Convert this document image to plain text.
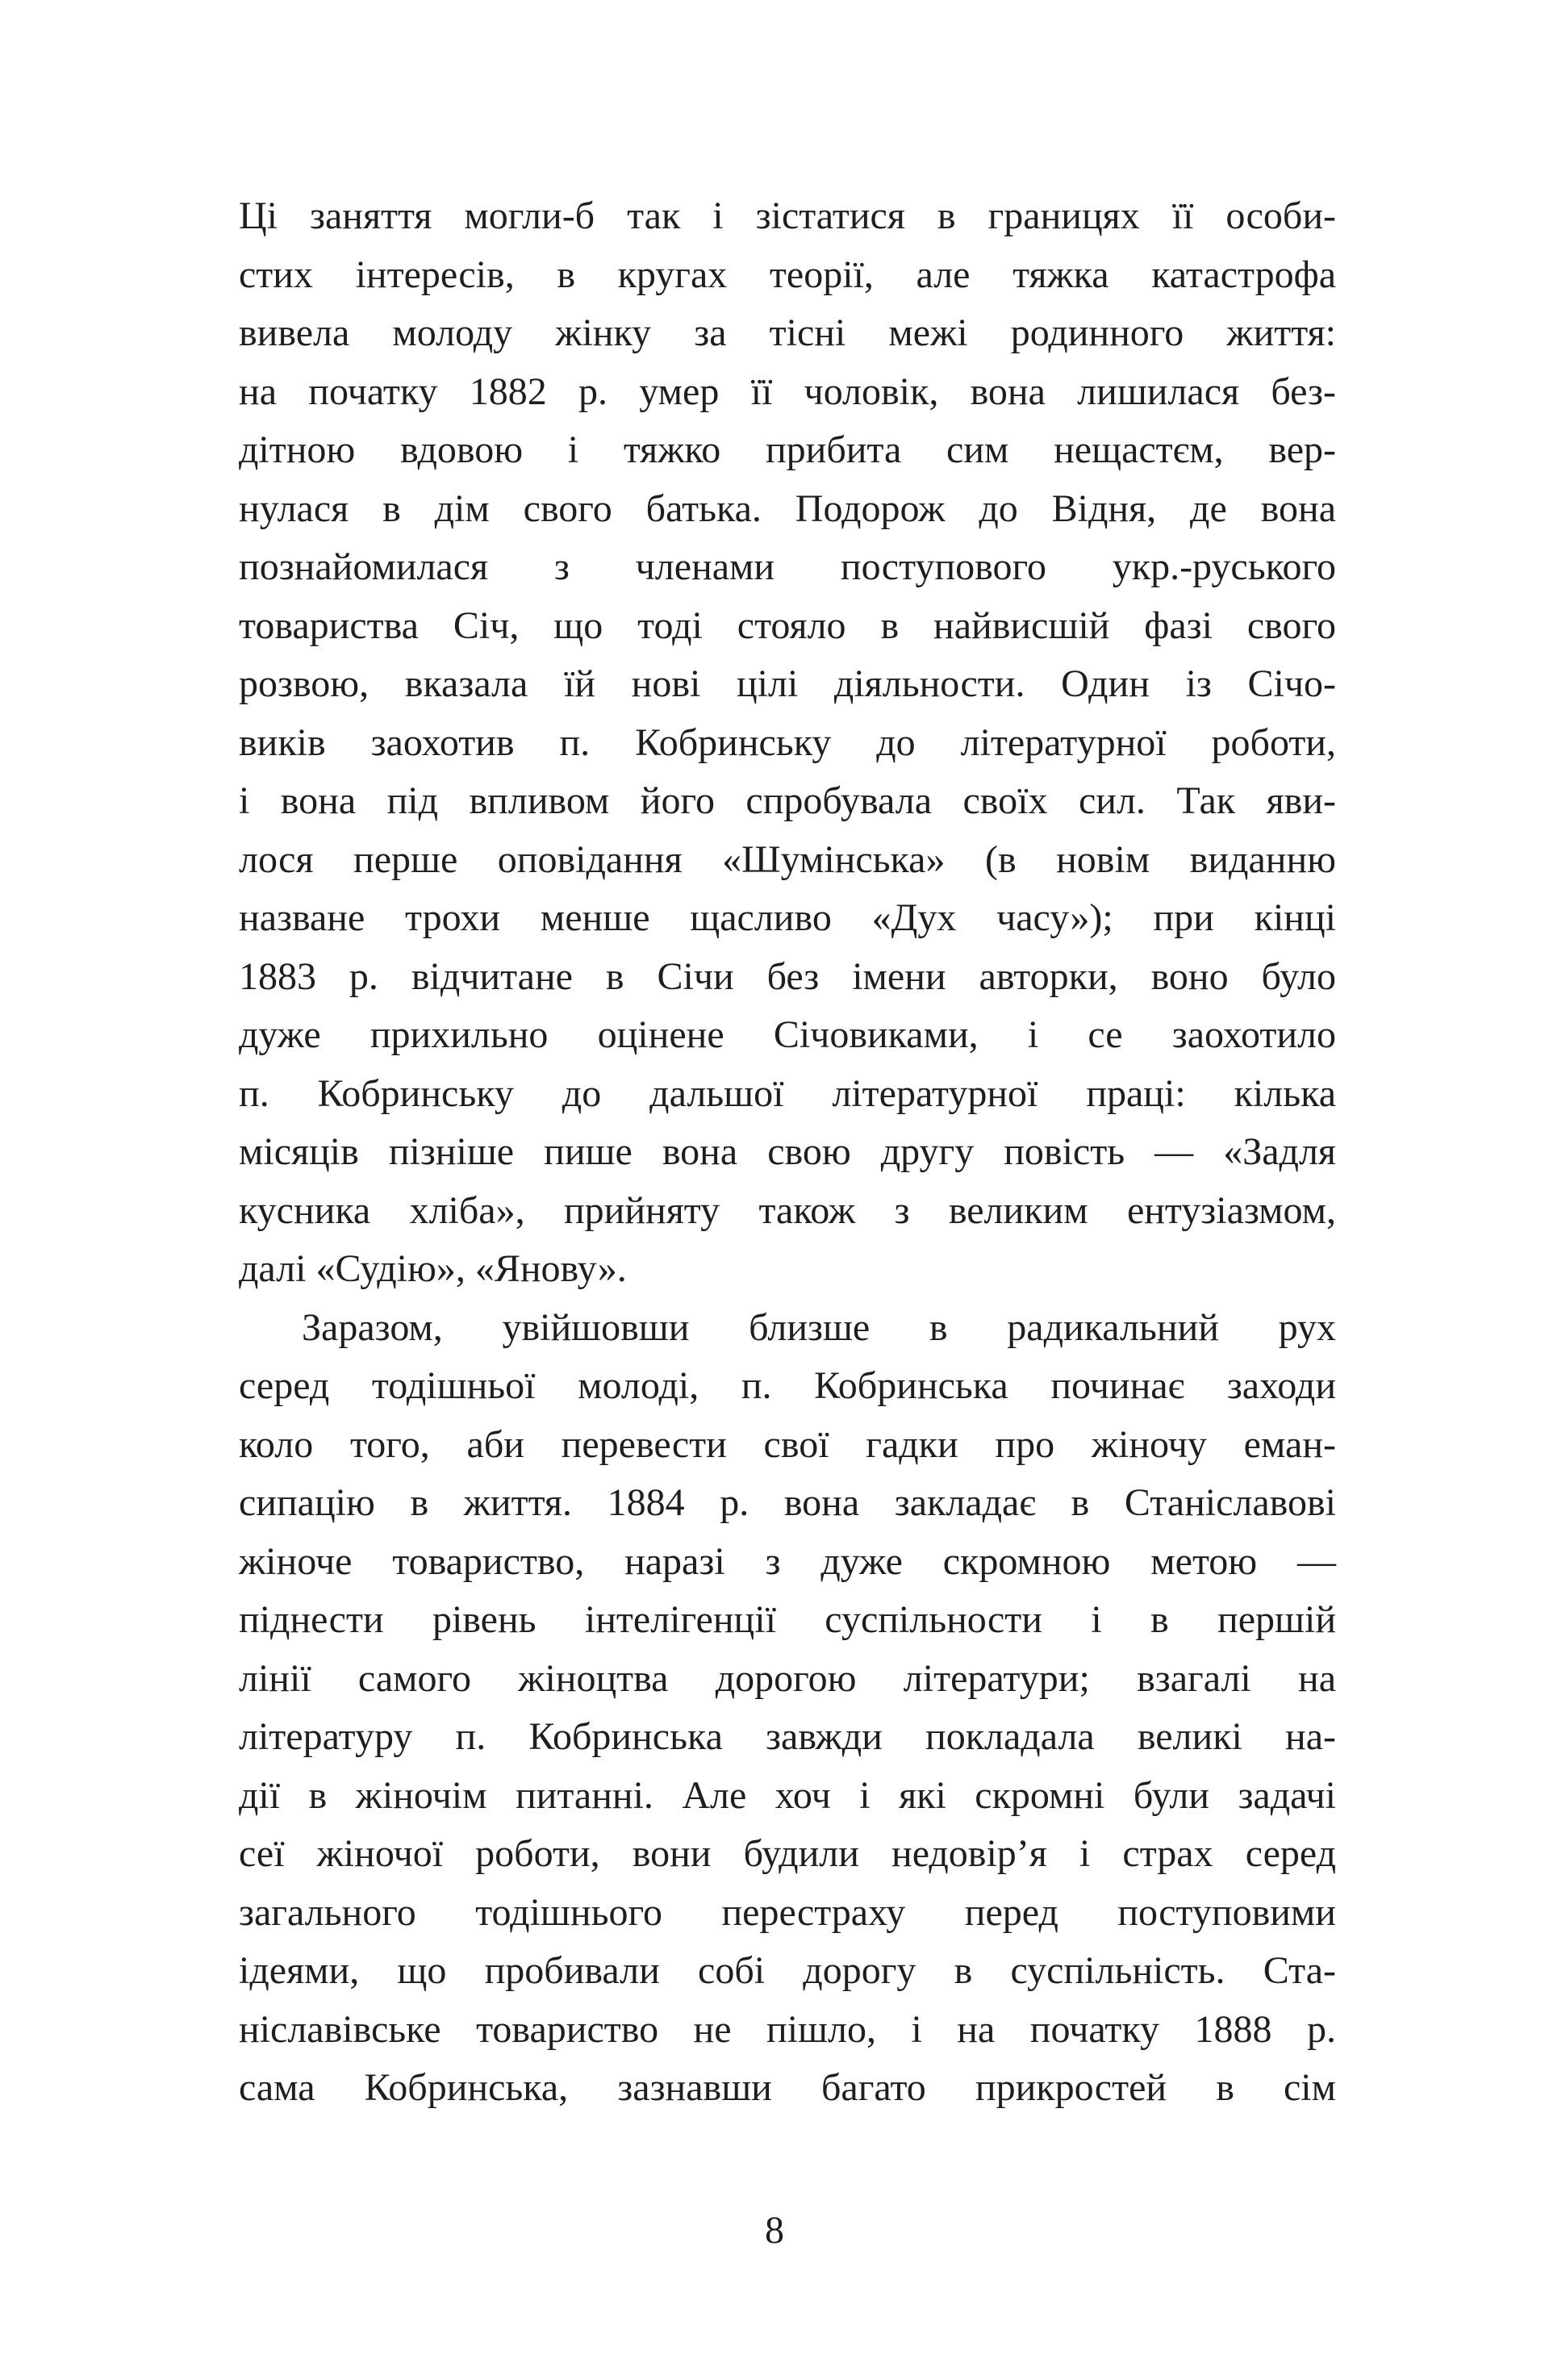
Ці заняття могли-б так і зістатися в границях її особи-
стих інтересів, в кругах теорії, але тяжка катастрофа
вивела молоду жінку за тісні межі родинного життя:
на початку 1882 р. умер її чоловік, вона лишилася без-
дітною вдовою і тяжко прибита сим нещастєм, вер-
нулася в дім свого батька. Подорож до Відня, де вона
познайомилася з членами поступового укр.-руського
товариства Січ, що тоді стояло в найвисшій фазі свого
розвою, вказала їй нові цілі діяльности. Один із Січо-
виків заохотив п. Кобринську до літературної роботи,
і вона під впливом його спробувала своїх сил. Так яви-
лося перше оповідання «Шумінська» (в новім виданню
назване трохи менше щасливо «Дух часу»); при кінці
1883 р. відчитане в Січи без імени авторки, воно було
дуже прихильно оцінене Січовиками, і се заохотило
п. Кобринську до дальшої літературної праці: кілька
місяців пізніше пише вона свою другу повість — «Задля
кусника хліба», прийняту також з великим ентузіазмом,
далі «Судію», «Янову».
Заразом, увійшовши близше в радикальний рух
серед тодішньої молоді, п. Кобринська починає заходи
коло того, аби перевести свої гадки про жіночу еман-
сипацію в життя. 1884 р. вона закладає в Станіславові
жіноче товариство, наразі з дуже скромною метою —
піднести рівень інтелігенції суспільности і в першій
лінії самого жіноцтва дорогою літератури; взагалі на
літературу п. Кобринська завжди покладала великі на-
дії в жіночім питанні. Але хоч і які скромні були задачі
сеї жіночої роботи, вони будили недовір’я і страх серед
загального тодішнього перестраху перед поступовими
ідеями, що пробивали собі дорогу в суспільність. Ста-
ніславівське товариство не пішло, і на початку 1888 р.
сама Кобринська, зазнавши багато прикростей в сім
8
